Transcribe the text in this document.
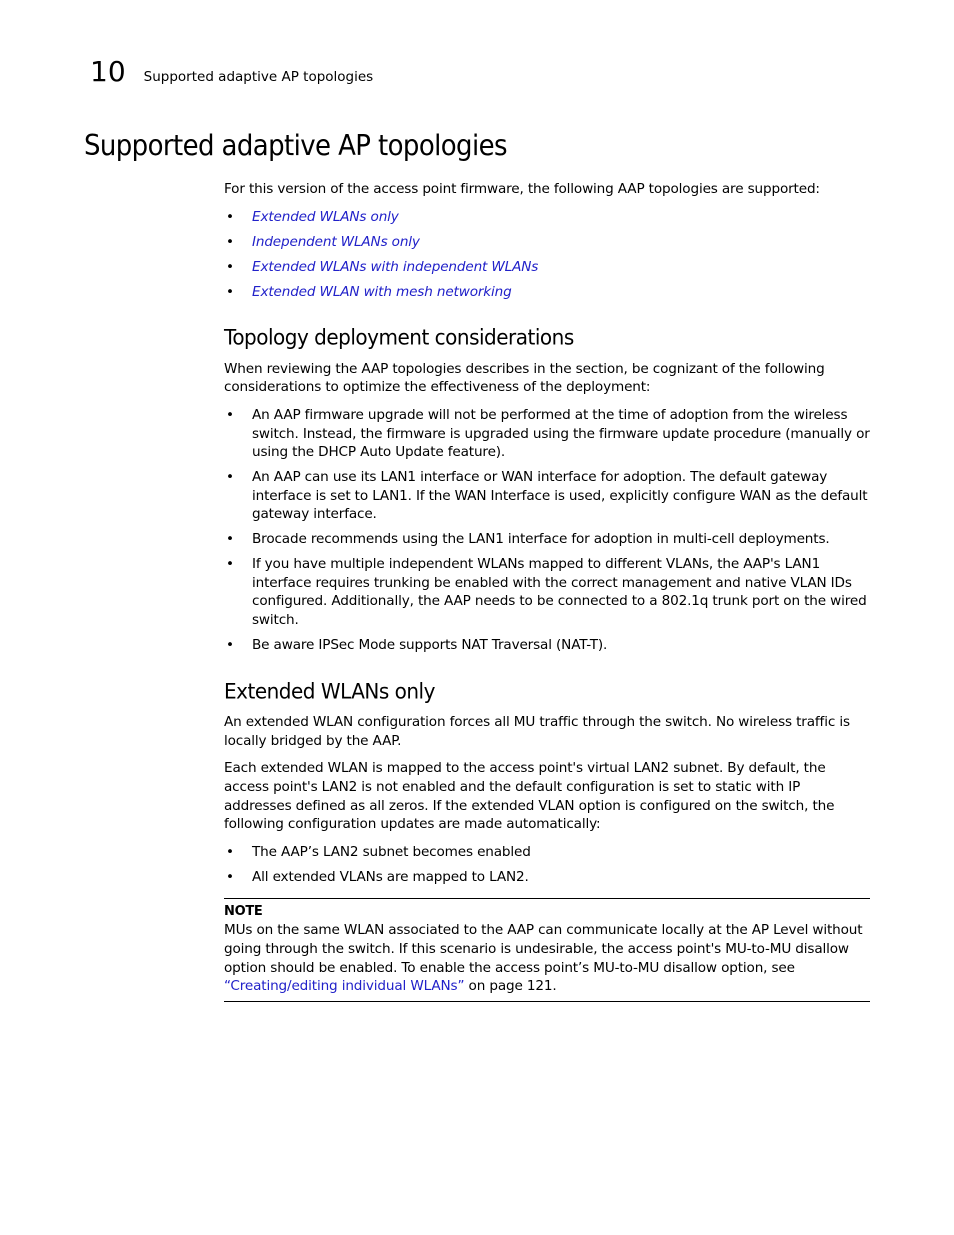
10 Supported adaptive AP topologies
Supported adaptive AP topologies

For this version of the access point firmware, the following AAP topologies are supported:

• Extended WLANs only
• Independent WLANs only
• Extended WLANs with independent WLANs
• Extended WLAN with mesh networking
Topology deployment considerations

When reviewing the AAP topologies describes in the section, be cognizant of the following considerations to optimize the effectiveness of the deployment:

• An AAP firmware upgrade will not be performed at the time of adoption from the wireless switch. Instead, the firmware is upgraded using the firmware update procedure (manually or using the DHCP Auto Update feature).
• An AAP can use its LAN1 interface or WAN interface for adoption. The default gateway interface is set to LAN1. If the WAN Interface is used, explicitly configure WAN as the default gateway interface.
• Brocade recommends using the LAN1 interface for adoption in multi-cell deployments.
• If you have multiple independent WLANs mapped to different VLANs, the AAP's LAN1 interface requires trunking be enabled with the correct management and native VLAN IDs configured. Additionally, the AAP needs to be connected to a 802.1q trunk port on the wired switch.
• Be aware IPSec Mode supports NAT Traversal (NAT-T).
Extended WLANs only

An extended WLAN configuration forces all MU traffic through the switch. No wireless traffic is locally bridged by the AAP.

Each extended WLAN is mapped to the access point's virtual LAN2 subnet. By default, the access point's LAN2 is not enabled and the default configuration is set to static with IP addresses defined as all zeros. If the extended VLAN option is configured on the switch, the following configuration updates are made automatically:

• The AAP’s LAN2 subnet becomes enabled
• All extended VLANs are mapped to LAN2.
NOTE

MUs on the same WLAN associated to the AAP can communicate locally at the AP Level without going through the switch. If this scenario is undesirable, the access point's MU-to-MU disallow option should be enabled. To enable the access point’s MU-to-MU disallow option, see “Creating/editing individual WLANs” on page 121.
